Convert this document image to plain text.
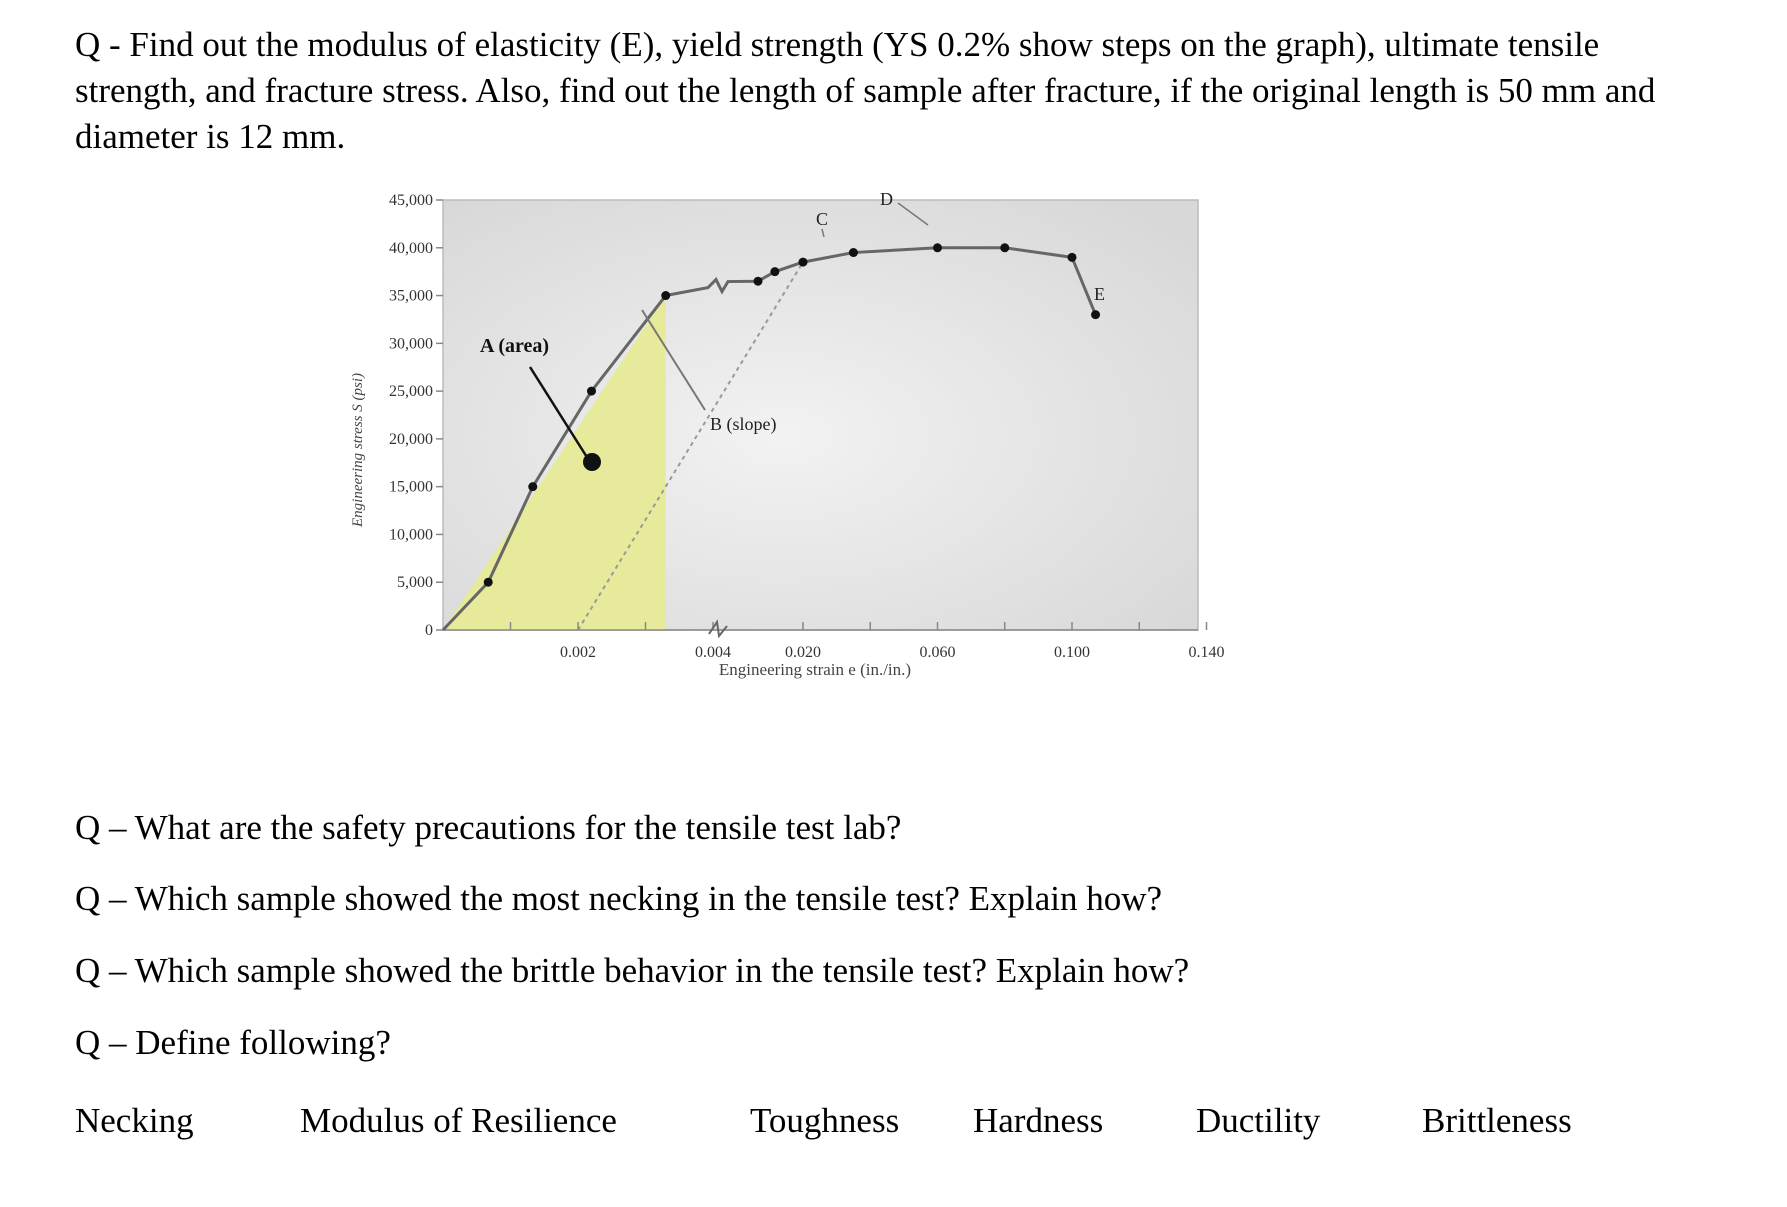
Q - Find out the modulus of elasticity (E), yield strength (YS 0.2% show steps on the graph), ultimate tensile strength, and fracture stress. Also, find out the length of sample after fracture, if the original length is 50 mm and diameter is 12 mm.

0
5,000
10,000
15,000
20,000
25,000
30,000
35,000
40,000
45,000
0.002	0.004	0.020	0.060	0.100	0.140
A (area)
B (slope)
C
D
E
Engineering stress S (psi)
Engineering strain e (in./in.)

Q – What are the safety precautions for the tensile test lab?

Q – Which sample showed the most necking in the tensile test? Explain how?

Q – Which sample showed the brittle behavior in the tensile test? Explain how?

Q – Define following?

Necking	Modulus of Resilience	Toughness Hardness	Ductility	Brittleness
